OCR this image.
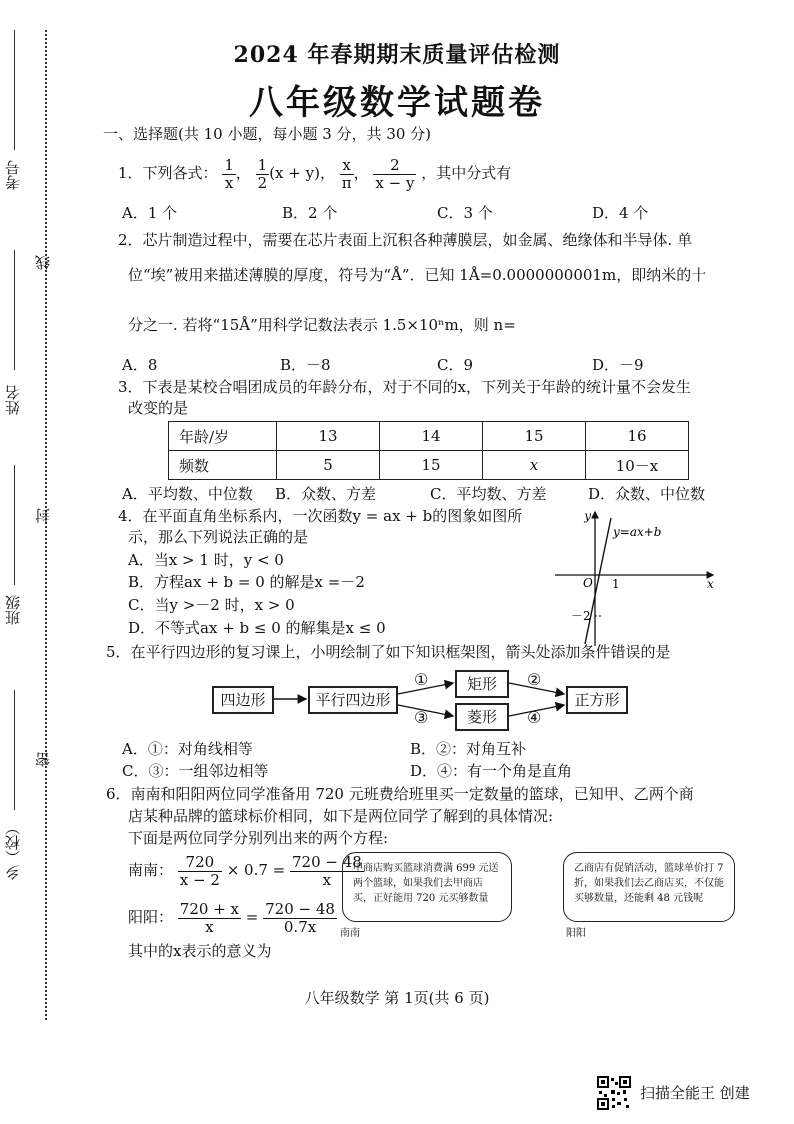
考号
线
姓名
封
班级
密
乡（校）
2024 年春期期末质量评估检测
八年级数学试题卷
一、选择题(共 10 小题，每小题 3 分，共 30 分)
1．下列各式： $\frac{1}{x}$ ， $\frac{1}{2} (x + y)$， $\frac{x}{\pi}$ ， $\frac{2}{x - y}$ ，其中分式有
A．1 个	B．2 个	C．3 个	D．4 个
2．芯片制造过程中，需要在芯片表面上沉积各种薄膜层，如金属、绝缘体和半导体. 单
位“埃”被用来描述薄膜的厚度，符号为“Å”．已知 1Å=0.0000000001m，即纳米的十
分之一. 若将“15Å”用科学记数法表示 1.5×10ⁿm，则 n=
A．8	B．－8	C．9	D．－9
3．下表是某校合唱团成员的年龄分布，对于不同的x，下列关于年龄的统计量不会发生
改变的是
年龄/岁	13	14	15	16
频数	5	15	x	10－x
A．平均数、中位数 B．众数、方差	C．平均数、方差	D．众数、中位数
4．在平面直角坐标系内，一次函数y = ax + b的图象如图所
示，那么下列说法正确的是
A．当x > 1 时，y < 0
B．方程ax + b = 0 的解是x =－2
C．当y >－2 时，x > 0
D．不等式ax + b ≤ 0 的解集是x ≤ 0
y
x
O 1
－2
y=ax+b
5．在平行四边形的复习课上，小明绘制了如下知识框架图，箭头处添加条件错误的是
四边形	平行四边形
矩形
菱形
正方形
①	②
③	④
A．①：对角线相等	B．②：对角互补
C．③：一组邻边相等	D．④：有一个角是直角
6．南南和阳阳两位同学准备用 720 元班费给班里买一定数量的篮球，已知甲、乙两个商
店某种品牌的篮球标价相同，如下是两位同学了解到的具体情况:
下面是两位同学分别列出来的两个方程:
南南： $\frac{720}{x - 2} \times 0.7 = \frac{720 - 48}{x}$
阳阳： $\frac{720 + x}{x} = \frac{720 - 48}{0.7x}$
甲商店购买篮球消费满 699 元送两个篮球，如果我们去甲商店买，正好能用 720 元买够数量
乙商店有促销活动，篮球单价打 7 折，如果我们去乙商店买，不仅能买够数量，还能剩 48 元钱呢
南南	阳阳
其中的x表示的意义为
八年级数学 第 1页(共 6 页)
扫描全能王 创建
